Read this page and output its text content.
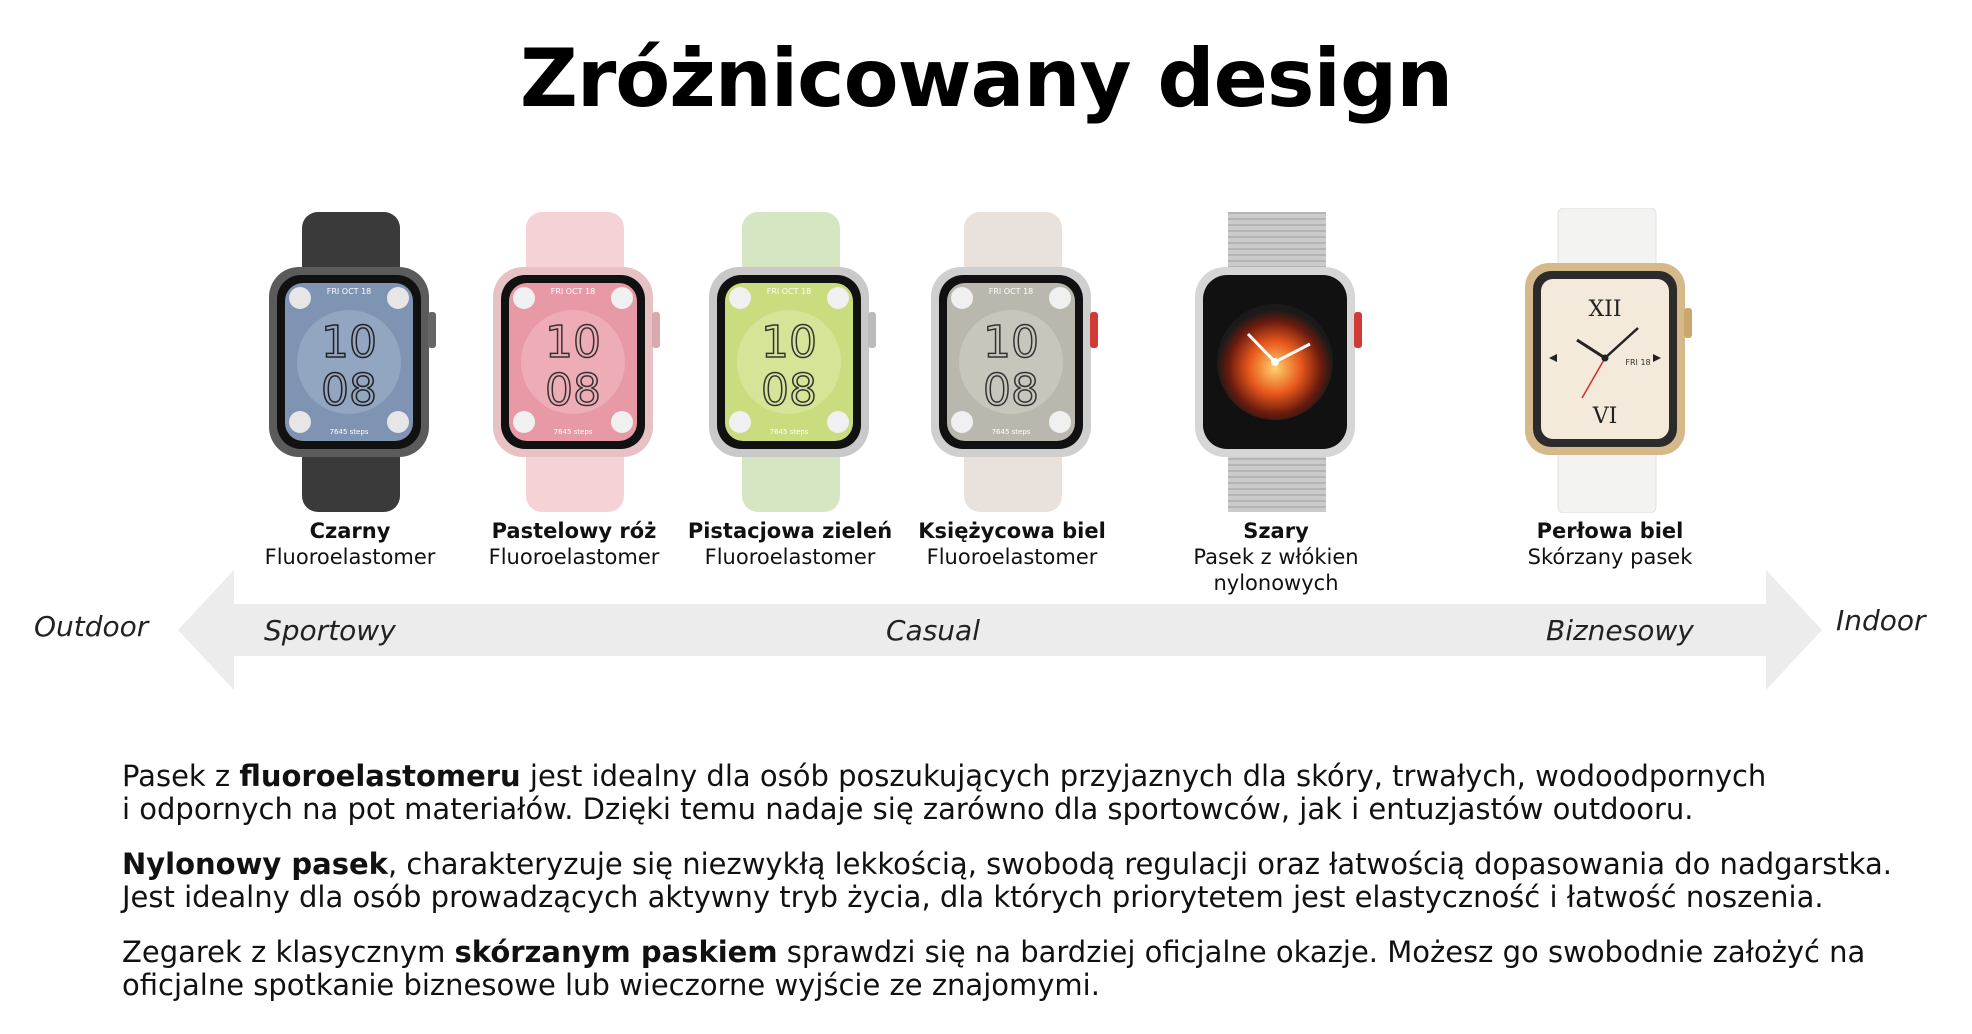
Zróżnicowany design
FRI OCT 18
10
08
7645 steps
Czarny
Fluoroelastomer
FRI OCT 18
10
08
7645 steps
Pastelowy róż
Fluoroelastomer
FRI OCT 18
10
08
7645 steps
Pistacjowa zieleń
Fluoroelastomer
FRI OCT 18
10
08
7645 steps
Księżycowa biel
Fluoroelastomer
Szary
Pasek z włókien nylonowych
XII
VI
FRI 18
Perłowa biel
Skórzany pasek
Outdoor	Indoor
Sportowy	Casual	Biznesowy
Pasek z fluoroelastomeru jest idealny dla osób poszukujących przyjaznych dla skóry, trwałych, wodoodpornych
i odpornych na pot materiałów. Dzięki temu nadaje się zarówno dla sportowców, jak i entuzjastów outdooru.
Nylonowy pasek, charakteryzuje się niezwykłą lekkością, swobodą regulacji oraz łatwością dopasowania do nadgarstka.
Jest idealny dla osób prowadzących aktywny tryb życia, dla których priorytetem jest elastyczność i łatwość noszenia.
Zegarek z klasycznym skórzanym paskiem sprawdzi się na bardziej oficjalne okazje. Możesz go swobodnie założyć na
oficjalne spotkanie biznesowe lub wieczorne wyjście ze znajomymi.
